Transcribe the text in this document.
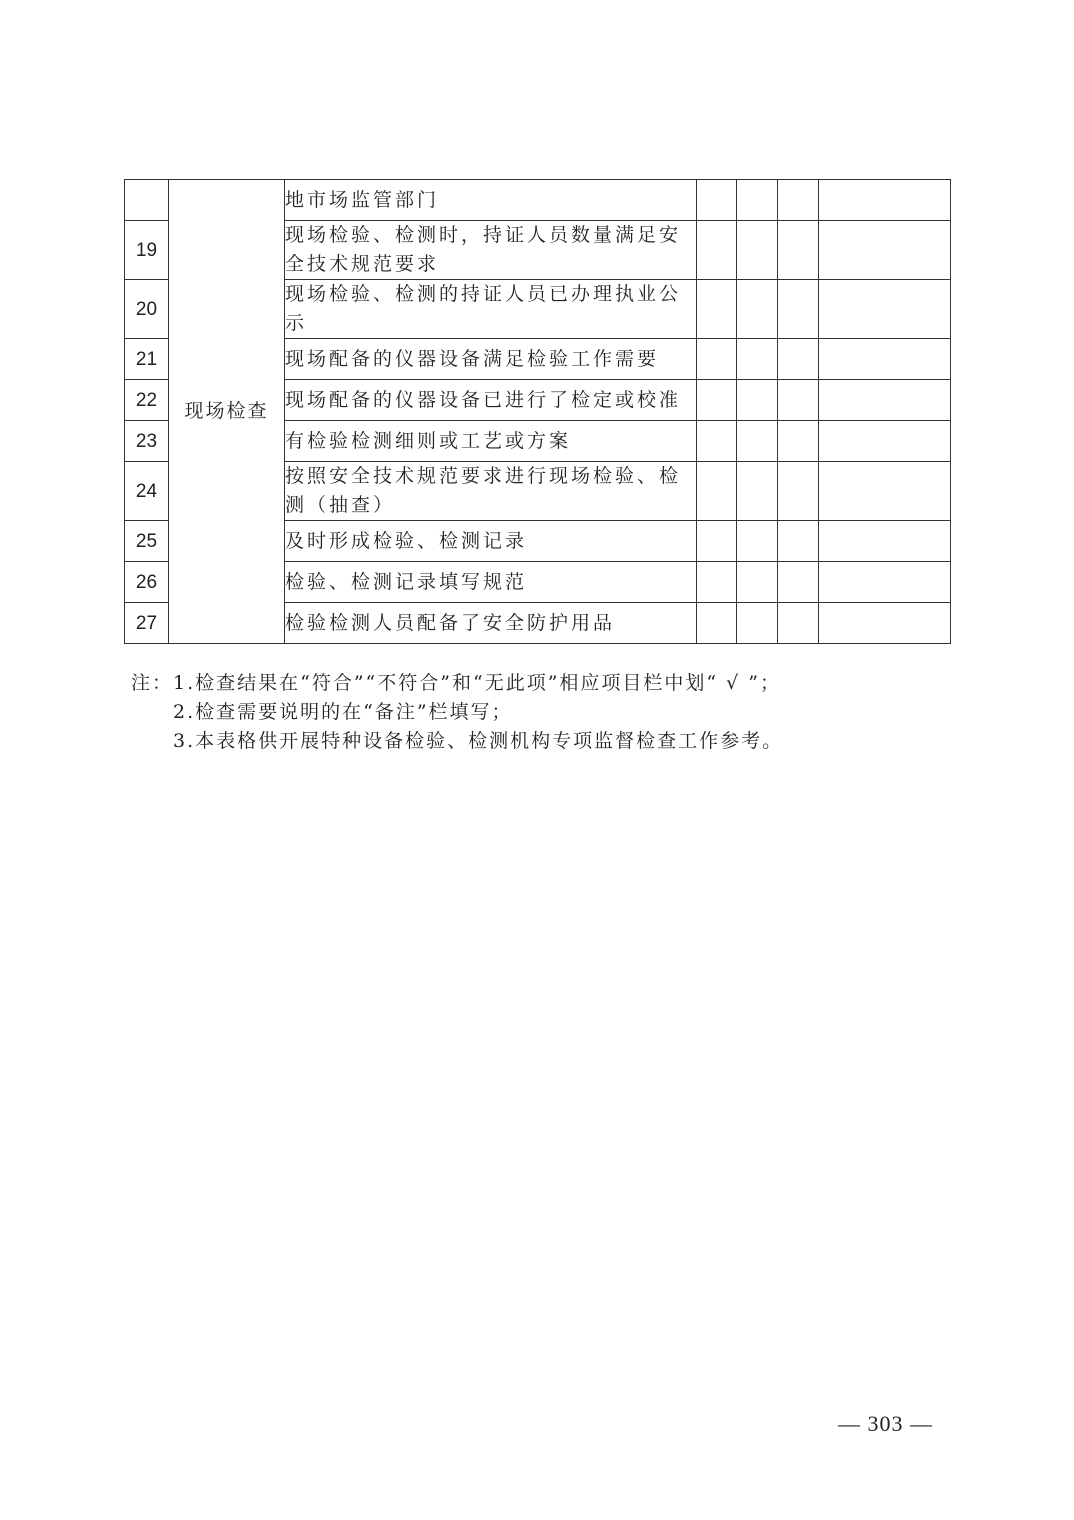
	现场检查	地市场监管部门				
19		现场检验、检测时，持证人员数量满足安全技术规范要求				
20		现场检验、检测的持证人员已办理执业公示				
21		现场配备的仪器设备满足检验工作需要				
22		现场配备的仪器设备已进行了检定或校准				
23		有检验检测细则或工艺或方案				
24		按照安全技术规范要求进行现场检验、检测（抽查）				
25		及时形成检验、检测记录				
26		检验、检测记录填写规范				
27		检验检测人员配备了安全防护用品				
注：1.检查结果在“符合”“不符合”和“无此项”相应项目栏中划“ √ ”；
2.检查需要说明的在“备注”栏填写；
3.本表格供开展特种设备检验、检测机构专项监督检查工作参考。
— 303 —
